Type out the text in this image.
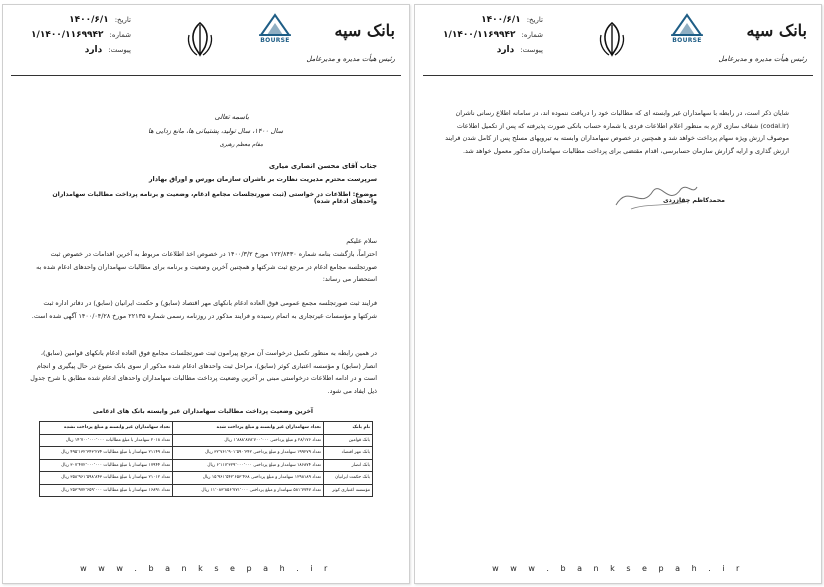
تاریخ:
۱۴۰۰/۶/۱
شماره:
۱/۱۴۰۰/۱۱۶۹۹۴۲
پیوست:
دارد
BOURSE
بانک سپه
رئیس هیأت مدیره و مدیرعامل
باسمه تعالی
سال ۱۴۰۰، سال تولید، پشتیبانی ها، مانع زدایی ها
مقام معظم رهبری

جناب آقای محسن انصاری میاری

سرپرست محترم مدیریت نظارت بر ناشران سازمان بورس و اوراق بهادار

موضوع: اطلاعات در خواستی (ثبت صورتجلسات مجامع ادغام، وضعیت و برنامه پرداخت مطالبات سهامداران واحدهای ادغام شده)

سلام علیکم

احتراماً، بازگشت بنامه شماره ۱۲۲/۸۴۳۰ مورخ ۱۴۰۰/۳/۲ در خصوص اخذ اطلاعات مربوط به آخرین اقدامات در خصوص ثبت صورتجلسه مجامع ادغام در مرجع ثبت شرکتها و همچنین آخرین وضعیت و برنامه برای مطالبات سهامداران واحدهای ادغام شده به استحضار می رساند:

فرایند ثبت صورتجلسه مجمع عمومی فوق العاده ادغام بانکهای مهر اقتصاد (سابق) و حکمت ایرانیان (سابق) در دفاتر اداره ثبت شرکتها و مؤسسات غیرتجاری به اتمام رسیده و فرایند مذکور در روزنامه رسمی شماره ۲۲۱۳۵ مورخ ۱۴۰۰/۰۴/۲۸ آگهی شده است.

در همین رابطه به منظور تکمیل درخواست آن مرجع پیرامون ثبت صورتجلسات مجامع فوق العاده ادغام بانکهای قوامین (سابق)، انصار (سابق) و مؤسسه اعتباری کوثر (سابق)، مراحل ثبت واحدهای ادغام شده مذکور از سوی بانک متبوع در حال پیگیری و انجام است و در ادامه اطلاعات درخواستی مبنی بر آخرین وضعیت پرداخت مطالبات سهامداران واحدهای ادغام شده مطابق با شرح جدول ذیل ایفاد می شود.

آخرین وضعیت پرداخت مطالبات سهامداران غیر وابسته بانک های ادغامی
نام بانک	تعداد سهامداران غیر وابسته و مبلغ پرداخت شده	تعداد سهامداران غیر وابسته و مبلغ پرداخت نشده
بانک قوامین	تعداد ۲۸/۱۷۶ و مبلغ پرداختی ۱٬۸۸۸٬۸۷۸٬۷۰۰٬۰۰۰ ریال	تعداد ۲۰۱۸ سهامدار با مبلغ مطالبات ۱۴٬۷۰۰٬۰۰۰٬۰۰۰ ریال
بانک مهر اقتصاد	تعداد ۱۹۹۲۷۹ سهامدار و مبلغ پرداختی ۳۲٬۷۶۱٬۹۰۱٬۵۹۰٬۳۴۲ ریال	تعداد ۲۱۱۴۹ سهامدار با مبلغ مطالبات ۴۹۵٬۱۳۲٬۳۴۳٬۲۷۴ ریال
بانک انصار	تعداد ۱۸۶۸۷۴ سهامدار و مبلغ پرداختی ۶٬۱۱۷٬۳۲۹٬۰۰۰٬۰۰۰ ریال	تعداد ۱۷۹۴۴ سهامدار با مبلغ مطالبات ۳۰۷٬۴۷۲٬۰۰۰٬۰۰۰ ریال
بانک حکمت ایرانیان	تعداد ۱۲۹۸۱۸۹ سهامدار و مبلغ پرداختی ۱۵٬۹۶۱٬۵۴۲٬۶۵۳٬۴۶۸ ریال	تعداد ۲۱۰۱۲ سهامدار با مبلغ مطالبات ۳۵۸٬۹۶۱٬۵۹۸٬۸۴۳ ریال
مؤسسه اعتباری کوثر	تعداد ۵۸۱٬۷۷۴۷ سهامدار و مبلغ پرداختی ۱۱٬۰۸۳٬۸۵۶٬۷۷۱٬۰۰۰ ریال	تعداد ۱۶۸۹۱ سهامدار با مبلغ مطالبات ۲۵۳٬۹۷۲٬۶۵۹٬۰۰۰ ریال
w w w . b a n k s e p a h . i r
تاریخ:
۱۴۰۰/۶/۱
شماره:
۱/۱۴۰۰/۱۱۶۹۹۴۲
پیوست:
دارد
BOURSE
بانک سپه
رئیس هیأت مدیره و مدیرعامل

شایان ذکر است، در رابطه با سهامداران غیر وابسته ای که مطالبات خود را دریافت ننموده اند، در سامانه اطلاع رسانی ناشران (codal.ir) شفاف سازی لازم به منظور اعلام اطلاعات فردی یا شماره حساب بانکی صورت پذیرفته که پس از تکمیل اطلاعات موصوف ارزش ویژه سهام پرداخت خواهد شد و همچنین در خصوص سهامداران وابسته به تیرویهای مسلح پس از کامل شدن فرایند ارزش گذاری و ارایه گزارش سازمان حسابرسی، اقدام مقتضی برای پرداخت مطالبات سهامداران مذکور معمول خواهد شد.

محمدکاظم چقازردی
w w w . b a n k s e p a h . i r
